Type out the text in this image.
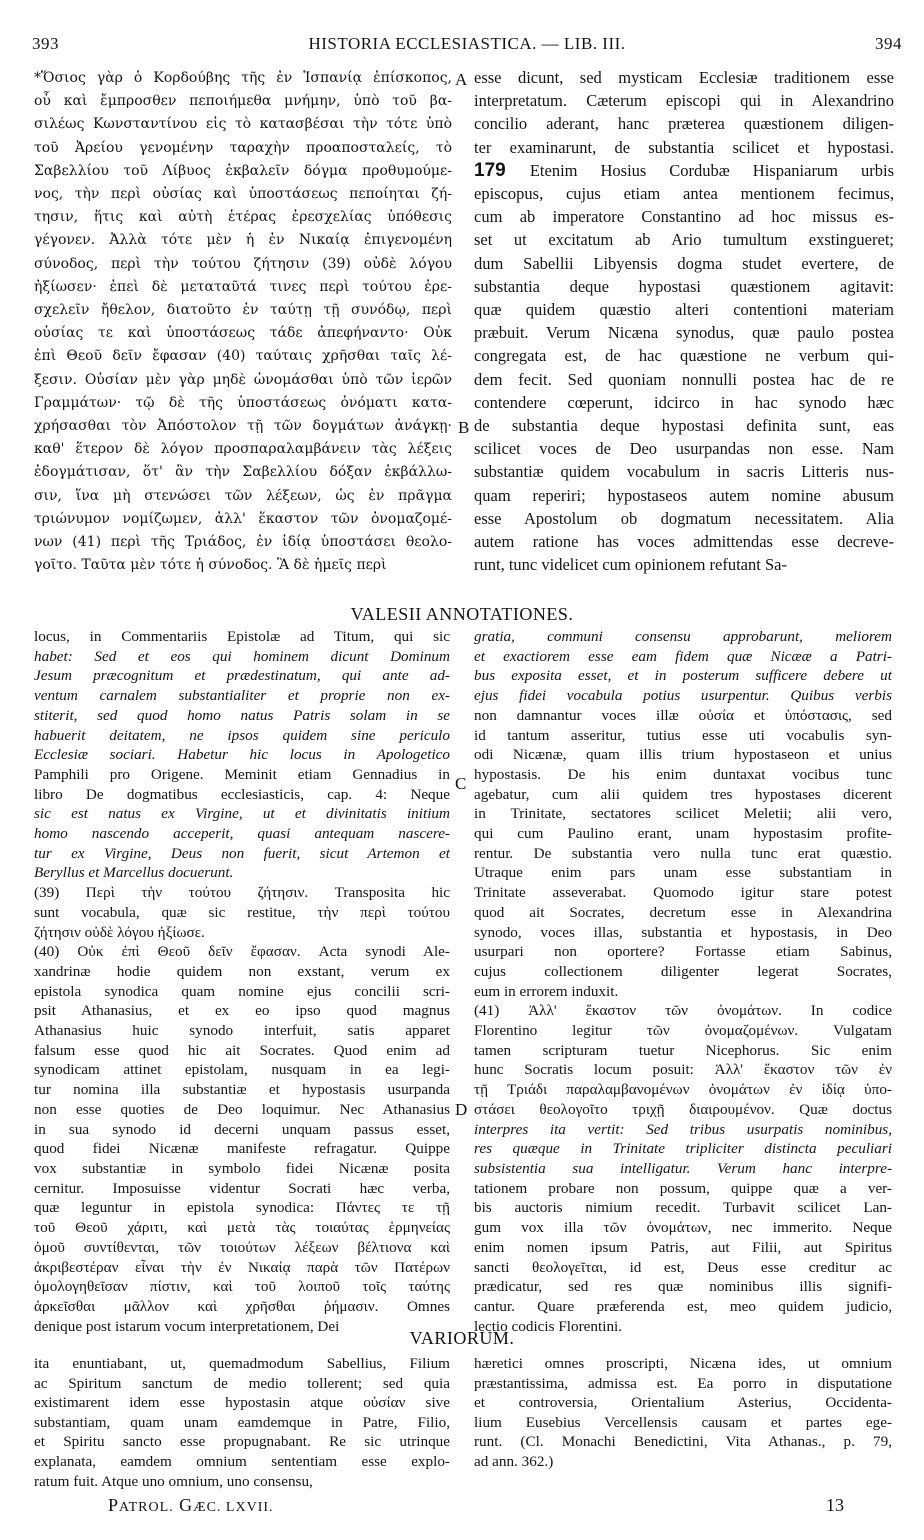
393	HISTORIA ECCLESIASTICA. — LIB. III.	394
*Ὅσιος γὰρ ὁ Κορδούβης τῆς ἐν Ἱσπανίᾳ ἐπίσκοπος,
οὗ καὶ ἔμπροσθεν πεποιήμεθα μνήμην, ὑπὸ τοῦ βα-
σιλέως Κωνσταντίνου εἰς τὸ κατασβέσαι τὴν τότε ὑπὸ
τοῦ Ἀρείου γενομένην ταραχὴν προαποσταλείς, τὸ
Σαβελλίου τοῦ Λίβυος ἐκβαλεῖν δόγμα προθυμούμε-
νος, τὴν περὶ οὐσίας καὶ ὑποστάσεως πεποίηται ζή-
τησιν, ἥτις καὶ αὐτὴ ἑτέρας ἐρεσχελίας ὑπόθεσις
γέγονεν. Ἀλλὰ τότε μὲν ἡ ἐν Νικαίᾳ ἐπιγενομένη
σύνοδος, περὶ τὴν τούτου ζήτησιν (39) οὐδὲ λόγου
ἠξίωσεν· ἐπεὶ δὲ μεταταῦτά τινες περὶ τούτου ἐρε-
σχελεῖν ἤθελον, διατοῦτο ἐν ταύτῃ τῇ συνόδῳ, περὶ
οὐσίας τε καὶ ὑποστάσεως τάδε ἀπεφήναντο· Οὐκ
ἐπὶ Θεοῦ δεῖν ἔφασαν (40) ταύταις χρῆσθαι ταῖς λέ-
ξεσιν. Οὐσίαν μὲν γὰρ μηδὲ ὠνομάσθαι ὑπὸ τῶν ἱερῶν
Γραμμάτων· τῷ δὲ τῆς ὑποστάσεως ὀνόματι κατα-
χρήσασθαι τὸν Ἀπόστολον τῇ τῶν δογμάτων ἀνάγκῃ·
καθ' ἕτερον δὲ λόγον προσπαραλαμβάνειν τὰς λέξεις
ἐδογμάτισαν, ὅτ' ἂν τὴν Σαβελλίου δόξαν ἐκβάλλω-
σιν, ἵνα μὴ στενώσει τῶν λέξεων, ὡς ἐν πρᾶγμα
τριώνυμον νομίζωμεν, ἀλλ' ἕκαστον τῶν ὀνομαζομέ-
νων (41) περὶ τῆς Τριάδος, ἐν ἰδίᾳ ὑποστάσει θεολο-
γοῖτο. Ταῦτα μὲν τότε ἡ σύνοδος. Ἃ δὲ ἡμεῖς περὶ
esse dicunt, sed mysticam Ecclesiæ traditionem esse
interpretatum. Cæterum episcopi qui in Alexandrino
concilio aderant, hanc præterea quæstionem diligen-
ter examinarunt, de substantia scilicet et hypostasi.
179 Etenim Hosius Cordubæ Hispaniarum urbis
episcopus, cujus etiam antea mentionem fecimus,
cum ab imperatore Constantino ad hoc missus es-
set ut excitatum ab Ario tumultum exstingueret;
dum Sabellii Libyensis dogma studet evertere, de
substantia deque hypostasi quæstionem agitavit:
quæ quidem quæstio alteri contentioni materiam
præbuit. Verum Nicæna synodus, quæ paulo postea
congregata est, de hac quæstione ne verbum qui-
dem fecit. Sed quoniam nonnulli postea hac de re
contendere cœperunt, idcirco in hac synodo hæc
de substantia deque hypostasi definita sunt, eas
scilicet voces de Deo usurpandas non esse. Nam
substantiæ quidem vocabulum in sacris Litteris nus-
quam reperiri; hypostaseos autem nomine abusum
esse Apostolum ob dogmatum necessitatem. Alia
autem ratione has voces admittendas esse decreve-
runt, tunc videlicet cum opinionem refutant Sa-
A
B
VALESII ANNOTATIONES.
locus, in Commentariis Epistolæ ad Titum, qui sic
habet: Sed et eos qui hominem dicunt Dominum
Jesum præcognitum et prædestinatum, qui ante ad-
ventum carnalem substantialiter et proprie non ex-
stiterit, sed quod homo natus Patris solam in se
habuerit deitatem, ne ipsos quidem sine periculo
Ecclesiæ sociari. Habetur hic locus in Apologetico
Pamphili pro Origene. Meminit etiam Gennadius in
libro De dogmatibus ecclesiasticis, cap. 4: Neque
sic est natus ex Virgine, ut et divinitatis initium
homo nascendo acceperit, quasi antequam nascere-
tur ex Virgine, Deus non fuerit, sicut Artemon et
Beryllus et Marcellus docuerunt.
(39) Περὶ τὴν τούτου ζήτησιν. Transposita hic
sunt vocabula, quæ sic restitue, τὴν περὶ τούτου
ζήτησιν οὐδὲ λόγου ἠξίωσε.
(40) Οὐκ ἐπὶ Θεοῦ δεῖν ἔφασαν. Acta synodi Ale-
xandrinæ hodie quidem non exstant, verum ex
epistola synodica quam nomine ejus concilii scri-
psit Athanasius, et ex eo ipso quod magnus
Athanasius huic synodo interfuit, satis apparet
falsum esse quod hic ait Socrates. Quod enim ad
synodicam attinet epistolam, nusquam in ea legi-
tur nomina illa substantiæ et hypostasis usurpanda
non esse quoties de Deo loquimur. Nec Athanasius
in sua synodo id decerni unquam passus esset,
quod fidei Nicænæ manifeste refragatur. Quippe
vox substantiæ in symbolo fidei Nicænæ posita
cernitur. Imposuisse videntur Socrati hæc verba,
quæ leguntur in epistola synodica: Πάντες τε τῇ
τοῦ Θεοῦ χάριτι, καὶ μετὰ τὰς τοιαύτας ἑρμηνείας
ὁμοῦ συντίθενται, τῶν τοιούτων λέξεων βέλτιονα καὶ
ἀκριβεστέραν εἶναι τὴν ἐν Νικαίᾳ παρὰ τῶν Πατέρων
ὁμολογηθεῖσαν πίστιν, καὶ τοῦ λοιποῦ τοῖς ταύτης
ἀρκεῖσθαι μᾶλλον καὶ χρῆσθαι ῥήμασιν. Omnes
denique post istarum vocum interpretationem, Dei
gratia, communi consensu approbarunt, meliorem
et exactiorem esse eam fidem quæ Nicææ a Patri-
bus exposita esset, et in posterum sufficere debere ut
ejus fidei vocabula potius usurpentur. Quibus verbis
non damnantur voces illæ οὐσία et ὑπόστασις, sed
id tantum asseritur, tutius esse uti vocabulis syn-
odi Nicænæ, quam illis trium hypostaseon et unius
hypostasis. De his enim duntaxat vocibus tunc
agebatur, cum alii quidem tres hypostases dicerent
in Trinitate, sectatores scilicet Meletii; alii vero,
qui cum Paulino erant, unam hypostasim profite-
rentur. De substantia vero nulla tunc erat quæstio.
Utraque enim pars unam esse substantiam in
Trinitate asseverabat. Quomodo igitur stare potest
quod ait Socrates, decretum esse in Alexandrina
synodo, voces illas, substantia et hypostasis, in Deo
usurpari non oportere? Fortasse etiam Sabinus,
cujus collectionem diligenter legerat Socrates,
eum in errorem induxit.
(41) Ἀλλ' ἕκαστον τῶν ὀνομάτων. In codice
Florentino legitur τῶν ὀνομαζομένων. Vulgatam
tamen scripturam tuetur Nicephorus. Sic enim
hunc Socratis locum posuit: Ἀλλ' ἕκαστον τῶν ἐν
τῇ Τριάδι παραλαμβανομένων ὀνομάτων ἐν ἰδίᾳ ὑπο-
στάσει θεολογοῖτο τριχῇ διαιρουμένον. Quæ doctus
interpres ita vertit: Sed tribus usurpatis nominibus,
res quæque in Trinitate tripliciter distincta peculiari
subsistentia sua intelligatur. Verum hanc interpre-
tationem probare non possum, quippe quæ a ver-
bis auctoris nimium recedit. Turbavit scilicet Lan-
gum vox illa τῶν ὀνομάτων, nec immerito. Neque
enim nomen ipsum Patris, aut Filii, aut Spiritus
sancti θεολογεῖται, id est, Deus esse creditur ac
prædicatur, sed res quæ nominibus illis signifi-
cantur. Quare præferenda est, meo quidem judicio,
lectio codicis Florentini.
C
D
VARIORUM.
ita enuntiabant, ut, quemadmodum Sabellius, Filium
ac Spiritum sanctum de medio tollerent; sed quia
existimarent idem esse hypostasin atque οὐσίαν sive
substantiam, quam unam eamdemque in Patre, Filio,
et Spiritu sancto esse propugnabant. Re sic utrinque
explanata, eamdem omnium sententiam esse explo-
ratum fuit. Atque uno omnium, uno consensu,
hæretici omnes proscripti, Nicæna ides, ut omnium
præstantissima, admissa est. Ea porro in disputatione
et controversia, Orientalium Asterius, Occidenta-
lium Eusebius Vercellensis causam et partes ege-
runt. (Cl. Monachi Benedictini, Vita Athanas., p. 79,
ad ann. 362.)
PATROL. GÆC. LXVII.	13
